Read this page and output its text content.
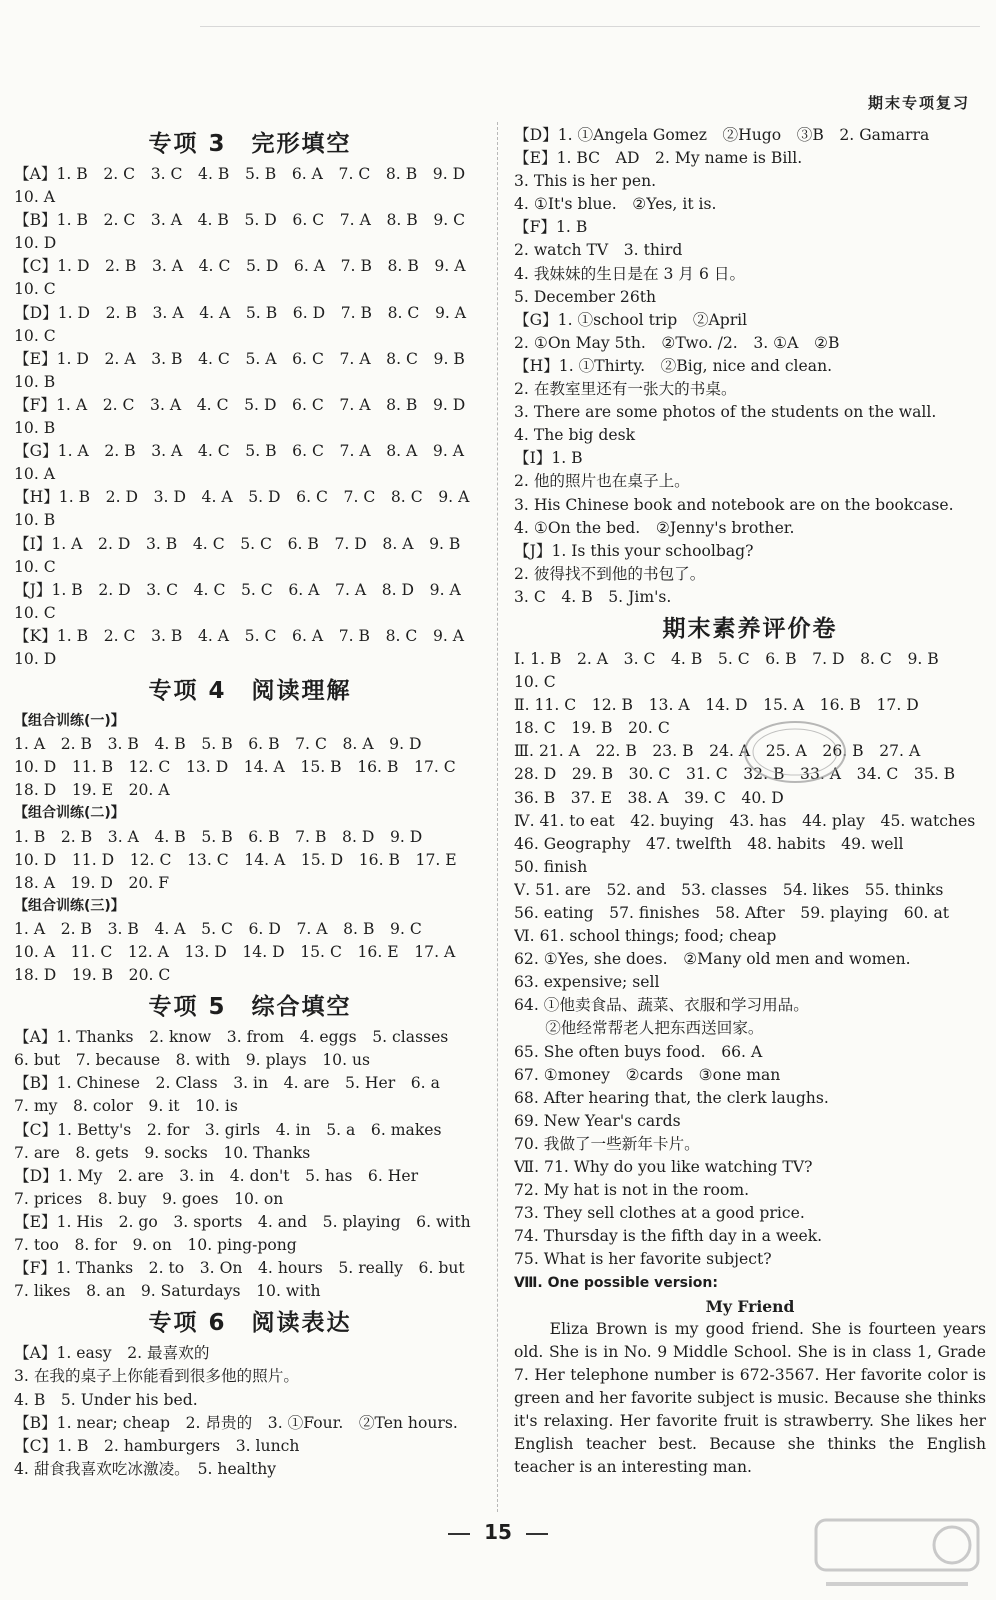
期末专项复习
专项 3　完形填空
【A】1. B　2. C　3. C　4. B　5. B　6. A　7. C　8. B　9. D
10. A
【B】1. B　2. C　3. A　4. B　5. D　6. C　7. A　8. B　9. C
10. D
【C】1. D　2. B　3. A　4. C　5. D　6. A　7. B　8. B　9. A
10. C
【D】1. D　2. B　3. A　4. A　5. B　6. D　7. B　8. C　9. A
10. C
【E】1. D　2. A　3. B　4. C　5. A　6. C　7. A　8. C　9. B
10. B
【F】1. A　2. C　3. A　4. C　5. D　6. C　7. A　8. B　9. D
10. B
【G】1. A　2. B　3. A　4. C　5. B　6. C　7. A　8. A　9. A
10. A
【H】1. B　2. D　3. D　4. A　5. D　6. C　7. C　8. C　9. A
10. B
【I】1. A　2. D　3. B　4. C　5. C　6. B　7. D　8. A　9. B
10. C
【J】1. B　2. D　3. C　4. C　5. C　6. A　7. A　8. D　9. A
10. C
【K】1. B　2. C　3. B　4. A　5. C　6. A　7. B　8. C　9. A
10. D
专项 4　阅读理解
【组合训练(一)】
1. A　2. B　3. B　4. B　5. B　6. B　7. C　8. A　9. D
10. D　11. B　12. C　13. D　14. A　15. B　16. B　17. C
18. D　19. E　20. A
【组合训练(二)】
1. B　2. B　3. A　4. B　5. B　6. B　7. B　8. D　9. D
10. D　11. D　12. C　13. C　14. A　15. D　16. B　17. E
18. A　19. D　20. F
【组合训练(三)】
1. A　2. B　3. B　4. A　5. C　6. D　7. A　8. B　9. C
10. A　11. C　12. A　13. D　14. D　15. C　16. E　17. A
18. D　19. B　20. C
专项 5　综合填空
【A】1. Thanks　2. know　3. from　4. eggs　5. classes
6. but　7. because　8. with　9. plays　10. us
【B】1. Chinese　2. Class　3. in　4. are　5. Her　6. a
7. my　8. color　9. it　10. is
【C】1. Betty's　2. for　3. girls　4. in　5. a　6. makes
7. are　8. gets　9. socks　10. Thanks
【D】1. My　2. are　3. in　4. don't　5. has　6. Her
7. prices　8. buy　9. goes　10. on
【E】1. His　2. go　3. sports　4. and　5. playing　6. with
7. too　8. for　9. on　10. ping-pong
【F】1. Thanks　2. to　3. On　4. hours　5. really　6. but
7. likes　8. an　9. Saturdays　10. with
专项 6　阅读表达
【A】1. easy　2. 最喜欢的
3. 在我的桌子上你能看到很多他的照片。
4. B　5. Under his bed.
【B】1. near; cheap　2. 昂贵的　3. ①Four.　②Ten hours.
【C】1. B　2. hamburgers　3. lunch
4. 甜食我喜欢吃冰激凌。　5. healthy
【D】1. ①Angela Gomez　②Hugo　③B　2. Gamarra
【E】1. BC　AD　2. My name is Bill.
3. This is her pen.
4. ①It's blue.　②Yes, it is.
【F】1. B
2. watch TV　3. third
4. 我妹妹的生日是在 3 月 6 日。
5. December 26th
【G】1. ①school trip　②April
2. ①On May 5th.　②Two. /2.　3. ①A　②B
【H】1. ①Thirty.　②Big, nice and clean.
2. 在教室里还有一张大的书桌。
3. There are some photos of the students on the wall.
4. The big desk
【I】1. B
2. 他的照片也在桌子上。
3. His Chinese book and notebook are on the bookcase.
4. ①On the bed.　②Jenny's brother.
【J】1. Is this your schoolbag?
2. 彼得找不到他的书包了。
3. C　4. B　5. Jim's.
期末素养评价卷
Ⅰ. 1. B　2. A　3. C　4. B　5. C　6. B　7. D　8. C　9. B
10. C
Ⅱ. 11. C　12. B　13. A　14. D　15. A　16. B　17. D
18. C　19. B　20. C
Ⅲ. 21. A　22. B　23. B　24. A　25. A　26. B　27. A
28. D　29. B　30. C　31. C　32. B　33. A　34. C　35. B
36. B　37. E　38. A　39. C　40. D
Ⅳ. 41. to eat　42. buying　43. has　44. play　45. watches
46. Geography　47. twelfth　48. habits　49. well
50. finish
Ⅴ. 51. are　52. and　53. classes　54. likes　55. thinks
56. eating　57. finishes　58. After　59. playing　60. at
Ⅵ. 61. school things; food; cheap
62. ①Yes, she does.　②Many old men and women.
63. expensive; sell
64. ①他卖食品、蔬菜、衣服和学习用品。
　　②他经常帮老人把东西送回家。
65. She often buys food.　66. A
67. ①money　②cards　③one man
68. After hearing that, the clerk laughs.
69. New Year's cards
70. 我做了一些新年卡片。
Ⅶ. 71. Why do you like watching TV?
72. My hat is not in the room.
73. They sell clothes at a good price.
74. Thursday is the fifth day in a week.
75. What is her favorite subject?
Ⅷ. One possible version:
My Friend
　　Eliza Brown is my good friend. She is fourteen years old. She is in No. 9 Middle School. She is in class 1, Grade 7. Her telephone number is 672-3567. Her favorite color is green and her favorite subject is music. Because she thinks it's relaxing. Her favorite fruit is strawberry. She likes her English teacher best. Because she thinks the English teacher is an interesting man.
15
